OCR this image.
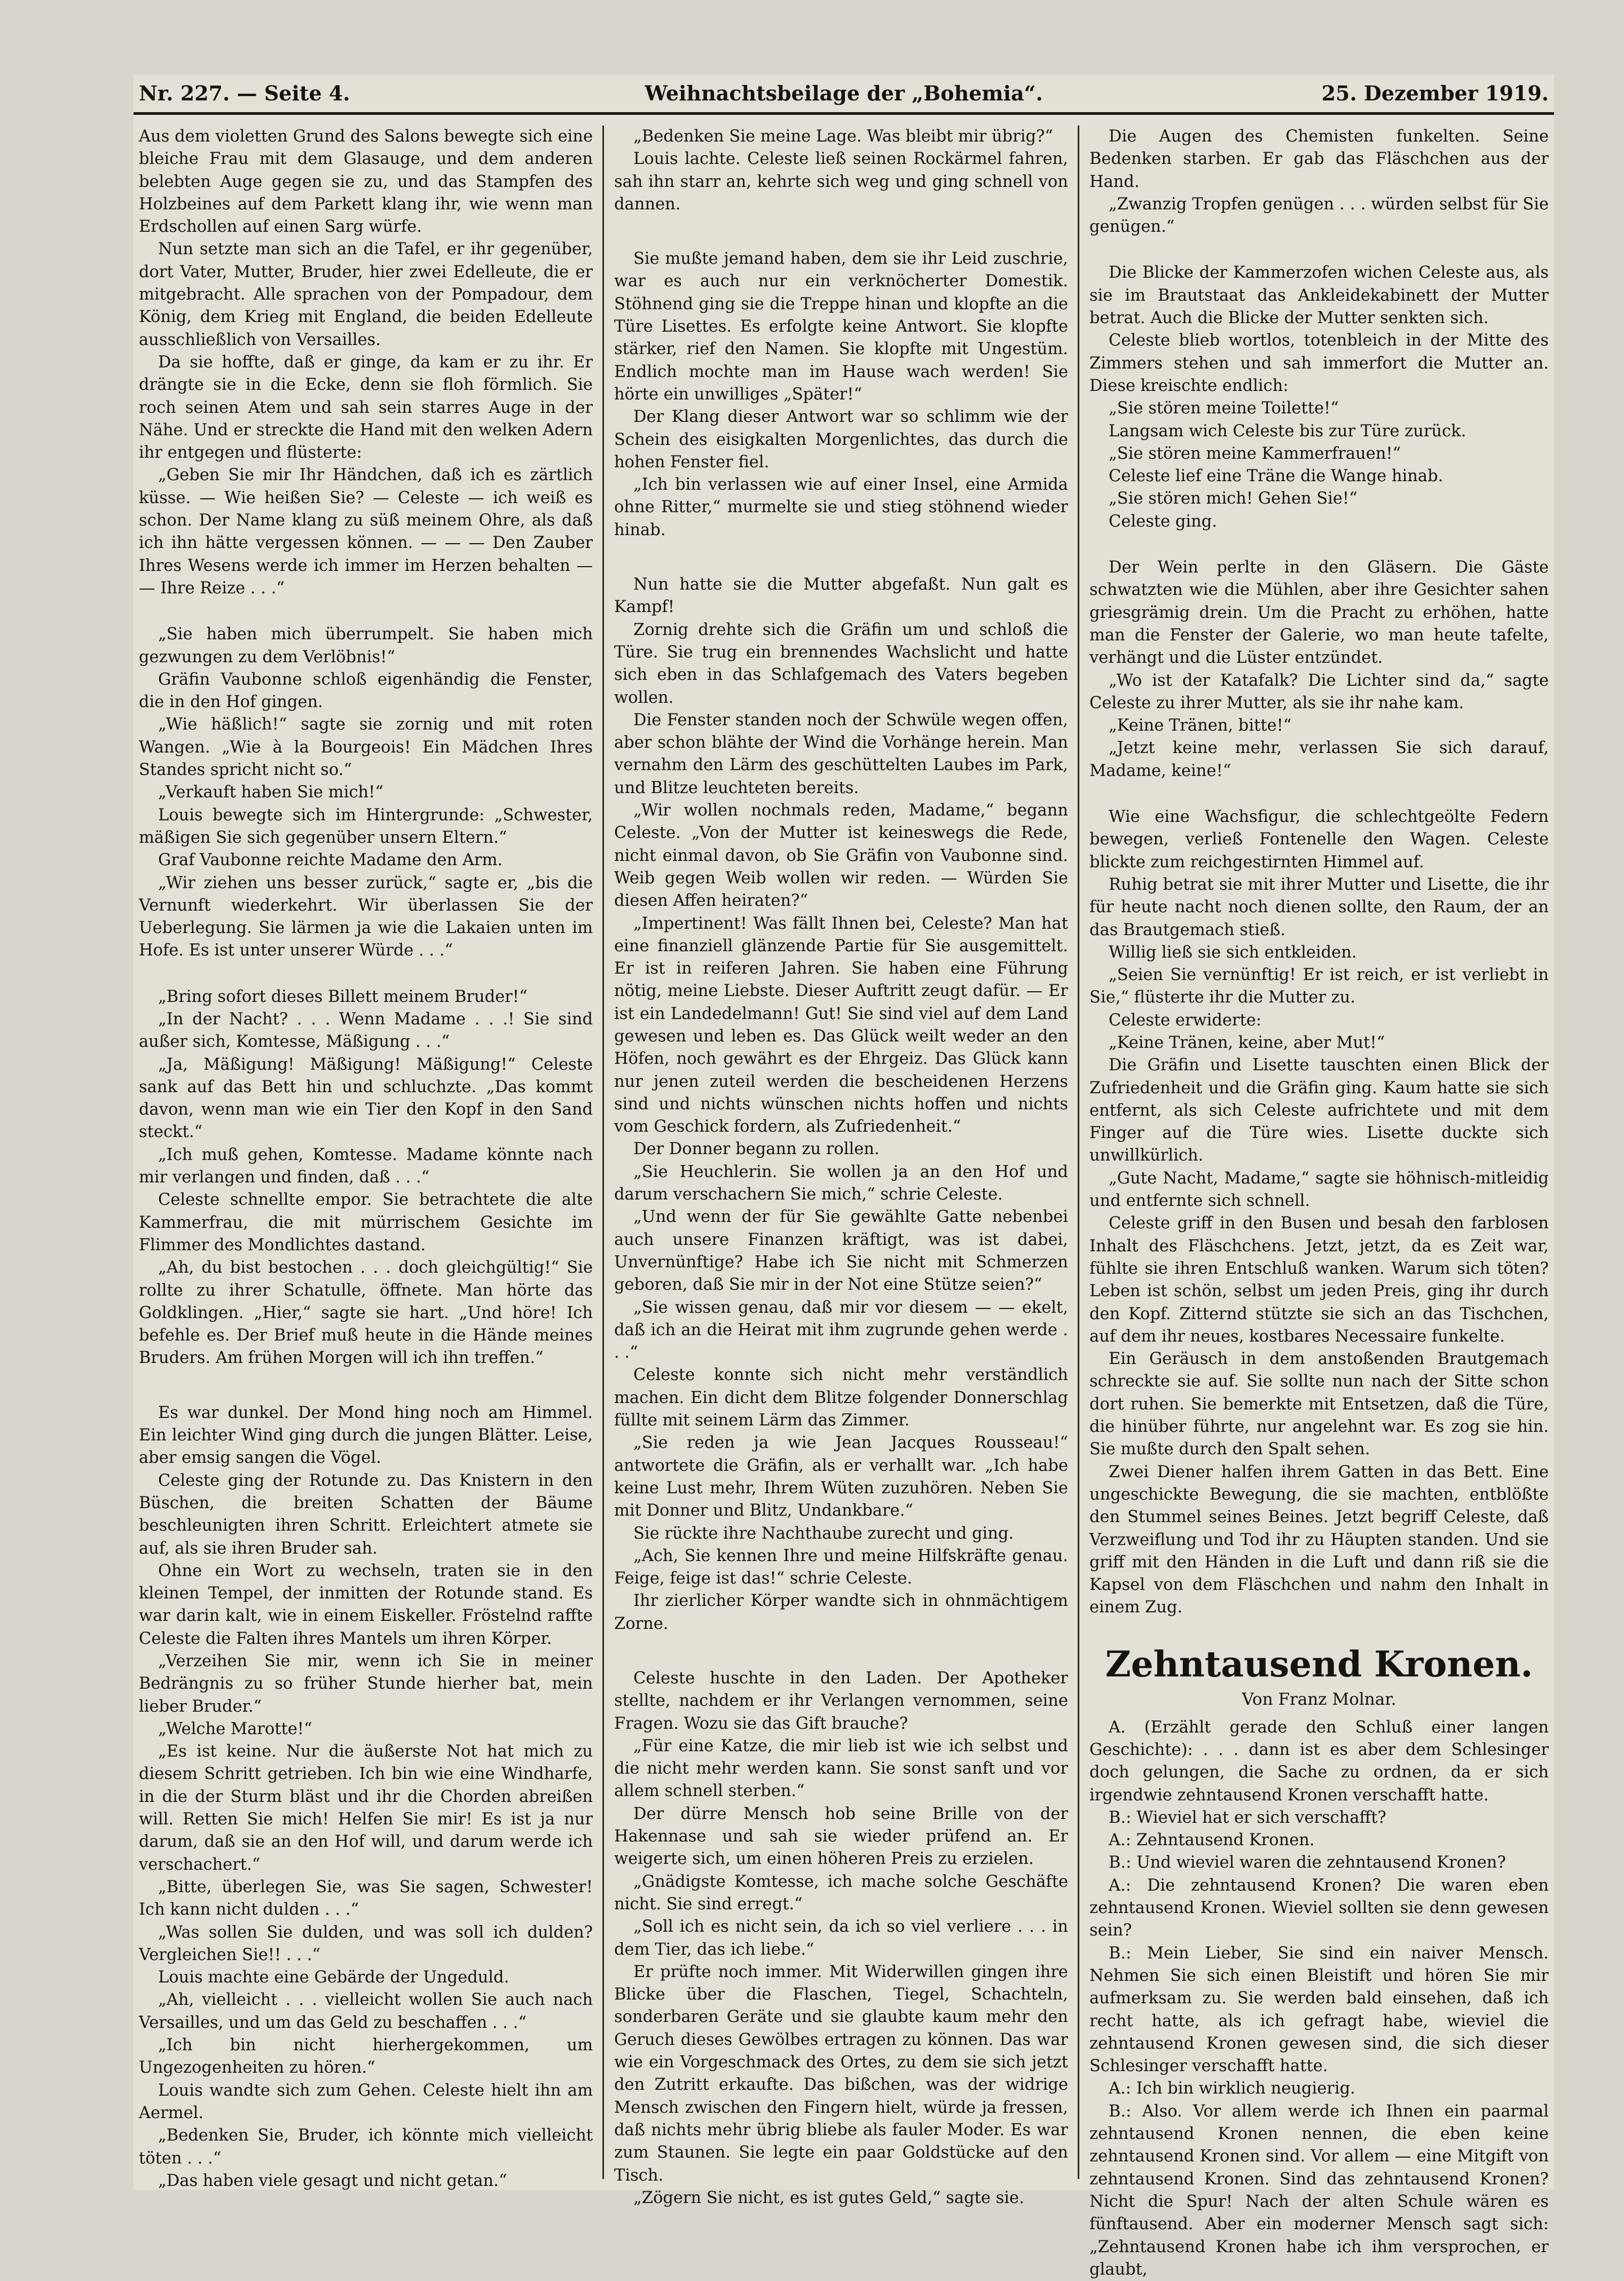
Nr. 227. — Seite 4.	Weihnachtsbeilage der „Bohemia“.	25. Dezember 1919.

Aus dem violetten Grund des Salons bewegte sich eine bleiche Frau mit dem Glasauge, und dem anderen belebten Auge gegen sie zu, und das Stampfen des Holzbeines auf dem Parkett klang ihr, wie wenn man Erdschollen auf einen Sarg würfe.

Nun setzte man sich an die Tafel, er ihr gegenüber, dort Vater, Mutter, Bruder, hier zwei Edelleute, die er mitgebracht. Alle sprachen von der Pompadour, dem König, dem Krieg mit England, die beiden Edelleute ausschließlich von Versailles.

Da sie hoffte, daß er ginge, da kam er zu ihr. Er drängte sie in die Ecke, denn sie floh förmlich. Sie roch seinen Atem und sah sein starres Auge in der Nähe. Und er streckte die Hand mit den welken Adern ihr entgegen und flüsterte:

„Geben Sie mir Ihr Händchen, daß ich es zärtlich küsse. — Wie heißen Sie? — Celeste — ich weiß es schon. Der Name klang zu süß meinem Ohre, als daß ich ihn hätte vergessen können. — — — Den Zauber Ihres Wesens werde ich immer im Herzen behalten — — Ihre Reize . . .“

„Sie haben mich überrumpelt. Sie haben mich gezwungen zu dem Verlöbnis!“

Gräfin Vaubonne schloß eigenhändig die Fenster, die in den Hof gingen.

„Wie häßlich!“ sagte sie zornig und mit roten Wangen. „Wie à la Bourgeois! Ein Mädchen Ihres Standes spricht nicht so.“

„Verkauft haben Sie mich!“

Louis bewegte sich im Hintergrunde: „Schwester, mäßigen Sie sich gegenüber unsern Eltern.“

Graf Vaubonne reichte Madame den Arm.

„Wir ziehen uns besser zurück,“ sagte er, „bis die Vernunft wiederkehrt. Wir überlassen Sie der Ueberlegung. Sie lärmen ja wie die Lakaien unten im Hofe. Es ist unter unserer Würde . . .“

„Bring sofort dieses Billett meinem Bruder!“

„In der Nacht? . . . Wenn Madame . . .! Sie sind außer sich, Komtesse, Mäßigung . . .“

„Ja, Mäßigung! Mäßigung! Mäßigung!“ Celeste sank auf das Bett hin und schluchzte. „Das kommt davon, wenn man wie ein Tier den Kopf in den Sand steckt.“

„Ich muß gehen, Komtesse. Madame könnte nach mir verlangen und finden, daß . . .“

Celeste schnellte empor. Sie betrachtete die alte Kammerfrau, die mit mürrischem Gesichte im Flimmer des Mondlichtes dastand.

„Ah, du bist bestochen . . . doch gleichgültig!“ Sie rollte zu ihrer Schatulle, öffnete. Man hörte das Goldklingen. „Hier,“ sagte sie hart. „Und höre! Ich befehle es. Der Brief muß heute in die Hände meines Bruders. Am frühen Morgen will ich ihn treffen.“

Es war dunkel. Der Mond hing noch am Himmel. Ein leichter Wind ging durch die jungen Blätter. Leise, aber emsig sangen die Vögel.

Celeste ging der Rotunde zu. Das Knistern in den Büschen, die breiten Schatten der Bäume beschleunigten ihren Schritt. Erleichtert atmete sie auf, als sie ihren Bruder sah.

Ohne ein Wort zu wechseln, traten sie in den kleinen Tempel, der inmitten der Rotunde stand. Es war darin kalt, wie in einem Eiskeller. Fröstelnd raffte Celeste die Falten ihres Mantels um ihren Körper.

„Verzeihen Sie mir, wenn ich Sie in meiner Bedrängnis zu so früher Stunde hierher bat, mein lieber Bruder.“

„Welche Marotte!“

„Es ist keine. Nur die äußerste Not hat mich zu diesem Schritt getrieben. Ich bin wie eine Windharfe, in die der Sturm bläst und ihr die Chorden abreißen will. Retten Sie mich! Helfen Sie mir! Es ist ja nur darum, daß sie an den Hof will, und darum werde ich verschachert.“

„Bitte, überlegen Sie, was Sie sagen, Schwester! Ich kann nicht dulden . . .“

„Was sollen Sie dulden, und was soll ich dulden? Vergleichen Sie!! . . .“

Louis machte eine Gebärde der Ungeduld.

„Ah, vielleicht . . . vielleicht wollen Sie auch nach Versailles, und um das Geld zu beschaffen . . .“

„Ich bin nicht hierhergekommen, um Ungezogenheiten zu hören.“

Louis wandte sich zum Gehen. Celeste hielt ihn am Aermel.

„Bedenken Sie, Bruder, ich könnte mich vielleicht töten . . .“

„Das haben viele gesagt und nicht getan.“

„Bedenken Sie meine Lage. Was bleibt mir übrig?“

Louis lachte. Celeste ließ seinen Rockärmel fahren, sah ihn starr an, kehrte sich weg und ging schnell von dannen.

Sie mußte jemand haben, dem sie ihr Leid zuschrie, war es auch nur ein verknöcherter Domestik. Stöhnend ging sie die Treppe hinan und klopfte an die Türe Lisettes. Es erfolgte keine Antwort. Sie klopfte stärker, rief den Namen. Sie klopfte mit Ungestüm. Endlich mochte man im Hause wach werden! Sie hörte ein unwilliges „Später!“

Der Klang dieser Antwort war so schlimm wie der Schein des eisigkalten Morgenlichtes, das durch die hohen Fenster fiel.

„Ich bin verlassen wie auf einer Insel, eine Armida ohne Ritter,“ murmelte sie und stieg stöhnend wieder hinab.

Nun hatte sie die Mutter abgefaßt. Nun galt es Kampf!

Zornig drehte sich die Gräfin um und schloß die Türe. Sie trug ein brennendes Wachslicht und hatte sich eben in das Schlafgemach des Vaters begeben wollen.

Die Fenster standen noch der Schwüle wegen offen, aber schon blähte der Wind die Vorhänge herein. Man vernahm den Lärm des geschüttelten Laubes im Park, und Blitze leuchteten bereits.

„Wir wollen nochmals reden, Madame,“ begann Celeste. „Von der Mutter ist keineswegs die Rede, nicht einmal davon, ob Sie Gräfin von Vaubonne sind. Weib gegen Weib wollen wir reden. — Würden Sie diesen Affen heiraten?“

„Impertinent! Was fällt Ihnen bei, Celeste? Man hat eine finanziell glänzende Partie für Sie ausgemittelt. Er ist in reiferen Jahren. Sie haben eine Führung nötig, meine Liebste. Dieser Auftritt zeugt dafür. — Er ist ein Landedelmann! Gut! Sie sind viel auf dem Land gewesen und leben es. Das Glück weilt weder an den Höfen, noch gewährt es der Ehrgeiz. Das Glück kann nur jenen zuteil werden die bescheidenen Herzens sind und nichts wünschen nichts hoffen und nichts vom Geschick fordern, als Zufriedenheit.“

Der Donner begann zu rollen.

„Sie Heuchlerin. Sie wollen ja an den Hof und darum verschachern Sie mich,“ schrie Celeste.

„Und wenn der für Sie gewählte Gatte nebenbei auch unsere Finanzen kräftigt, was ist dabei, Unvernünftige? Habe ich Sie nicht mit Schmerzen geboren, daß Sie mir in der Not eine Stütze seien?“

„Sie wissen genau, daß mir vor diesem — — ekelt, daß ich an die Heirat mit ihm zugrunde gehen werde . . .“

Celeste konnte sich nicht mehr verständlich machen. Ein dicht dem Blitze folgender Donnerschlag füllte mit seinem Lärm das Zimmer.

„Sie reden ja wie Jean Jacques Rousseau!“ antwortete die Gräfin, als er verhallt war. „Ich habe keine Lust mehr, Ihrem Wüten zuzuhören. Neben Sie mit Donner und Blitz, Undankbare.“

Sie rückte ihre Nachthaube zurecht und ging.

„Ach, Sie kennen Ihre und meine Hilfskräfte genau. Feige, feige ist das!“ schrie Celeste.

Ihr zierlicher Körper wandte sich in ohnmächtigem Zorne.

Celeste huschte in den Laden. Der Apotheker stellte, nachdem er ihr Verlangen vernommen, seine Fragen. Wozu sie das Gift brauche?

„Für eine Katze, die mir lieb ist wie ich selbst und die nicht mehr werden kann. Sie sonst sanft und vor allem schnell sterben.“

Der dürre Mensch hob seine Brille von der Hakennase und sah sie wieder prüfend an. Er weigerte sich, um einen höheren Preis zu erzielen.

„Gnädigste Komtesse, ich mache solche Geschäfte nicht. Sie sind erregt.“

„Soll ich es nicht sein, da ich so viel verliere . . . in dem Tier, das ich liebe.“

Er prüfte noch immer. Mit Widerwillen gingen ihre Blicke über die Flaschen, Tiegel, Schachteln, sonderbaren Geräte und sie glaubte kaum mehr den Geruch dieses Gewölbes ertragen zu können. Das war wie ein Vorgeschmack des Ortes, zu dem sie sich jetzt den Zutritt erkaufte. Das bißchen, was der widrige Mensch zwischen den Fingern hielt, würde ja fressen, daß nichts mehr übrig bliebe als fauler Moder. Es war zum Staunen. Sie legte ein paar Goldstücke auf den Tisch.

„Zögern Sie nicht, es ist gutes Geld,“ sagte sie.

Die Augen des Chemisten funkelten. Seine Bedenken starben. Er gab das Fläschchen aus der Hand.

„Zwanzig Tropfen genügen . . . würden selbst für Sie genügen.“

Die Blicke der Kammerzofen wichen Celeste aus, als sie im Brautstaat das Ankleidekabinett der Mutter betrat. Auch die Blicke der Mutter senkten sich.

Celeste blieb wortlos, totenbleich in der Mitte des Zimmers stehen und sah immerfort die Mutter an. Diese kreischte endlich:

„Sie stören meine Toilette!“

Langsam wich Celeste bis zur Türe zurück.

„Sie stören meine Kammerfrauen!“

Celeste lief eine Träne die Wange hinab.

„Sie stören mich! Gehen Sie!“

Celeste ging.

Der Wein perlte in den Gläsern. Die Gäste schwatzten wie die Mühlen, aber ihre Gesichter sahen griesgrämig drein. Um die Pracht zu erhöhen, hatte man die Fenster der Galerie, wo man heute tafelte, verhängt und die Lüster entzündet.

„Wo ist der Katafalk? Die Lichter sind da,“ sagte Celeste zu ihrer Mutter, als sie ihr nahe kam.

„Keine Tränen, bitte!“

„Jetzt keine mehr, verlassen Sie sich darauf, Madame, keine!“

Wie eine Wachsfigur, die schlechtgeölte Federn bewegen, verließ Fontenelle den Wagen. Celeste blickte zum reichgestirnten Himmel auf.

Ruhig betrat sie mit ihrer Mutter und Lisette, die ihr für heute nacht noch dienen sollte, den Raum, der an das Brautgemach stieß.

Willig ließ sie sich entkleiden.

„Seien Sie vernünftig! Er ist reich, er ist verliebt in Sie,“ flüsterte ihr die Mutter zu.

Celeste erwiderte:

„Keine Tränen, keine, aber Mut!“

Die Gräfin und Lisette tauschten einen Blick der Zufriedenheit und die Gräfin ging. Kaum hatte sie sich entfernt, als sich Celeste aufrichtete und mit dem Finger auf die Türe wies. Lisette duckte sich unwillkürlich.

„Gute Nacht, Madame,“ sagte sie höhnisch-mitleidig und entfernte sich schnell.

Celeste griff in den Busen und besah den farblosen Inhalt des Fläschchens. Jetzt, jetzt, da es Zeit war, fühlte sie ihren Entschluß wanken. Warum sich töten? Leben ist schön, selbst um jeden Preis, ging ihr durch den Kopf. Zitternd stützte sie sich an das Tischchen, auf dem ihr neues, kostbares Necessaire funkelte.

Ein Geräusch in dem anstoßenden Brautgemach schreckte sie auf. Sie sollte nun nach der Sitte schon dort ruhen. Sie bemerkte mit Entsetzen, daß die Türe, die hinüber führte, nur angelehnt war. Es zog sie hin. Sie mußte durch den Spalt sehen.

Zwei Diener halfen ihrem Gatten in das Bett. Eine ungeschickte Bewegung, die sie machten, entblößte den Stummel seines Beines. Jetzt begriff Celeste, daß Verzweiflung und Tod ihr zu Häupten standen. Und sie griff mit den Händen in die Luft und dann riß sie die Kapsel von dem Fläschchen und nahm den Inhalt in einem Zug.

Zehntausend Kronen.
Von Franz Molnar.

A. (Erzählt gerade den Schluß einer langen Geschichte): . . . dann ist es aber dem Schlesinger doch gelungen, die Sache zu ordnen, da er sich irgendwie zehntausend Kronen verschafft hatte.

B.: Wieviel hat er sich verschafft?

A.: Zehntausend Kronen.

B.: Und wieviel waren die zehntausend Kronen?

A.: Die zehntausend Kronen? Die waren eben zehntausend Kronen. Wieviel sollten sie denn gewesen sein?

B.: Mein Lieber, Sie sind ein naiver Mensch. Nehmen Sie sich einen Bleistift und hören Sie mir aufmerksam zu. Sie werden bald einsehen, daß ich recht hatte, als ich gefragt habe, wieviel die zehntausend Kronen gewesen sind, die sich dieser Schlesinger verschafft hatte.

A.: Ich bin wirklich neugierig.

B.: Also. Vor allem werde ich Ihnen ein paarmal zehntausend Kronen nennen, die eben keine zehntausend Kronen sind. Vor allem — eine Mitgift von zehntausend Kronen. Sind das zehntausend Kronen? Nicht die Spur! Nach der alten Schule wären es fünftausend. Aber ein moderner Mensch sagt sich: „Zehntausend Kronen habe ich ihm versprochen, er glaubt,
